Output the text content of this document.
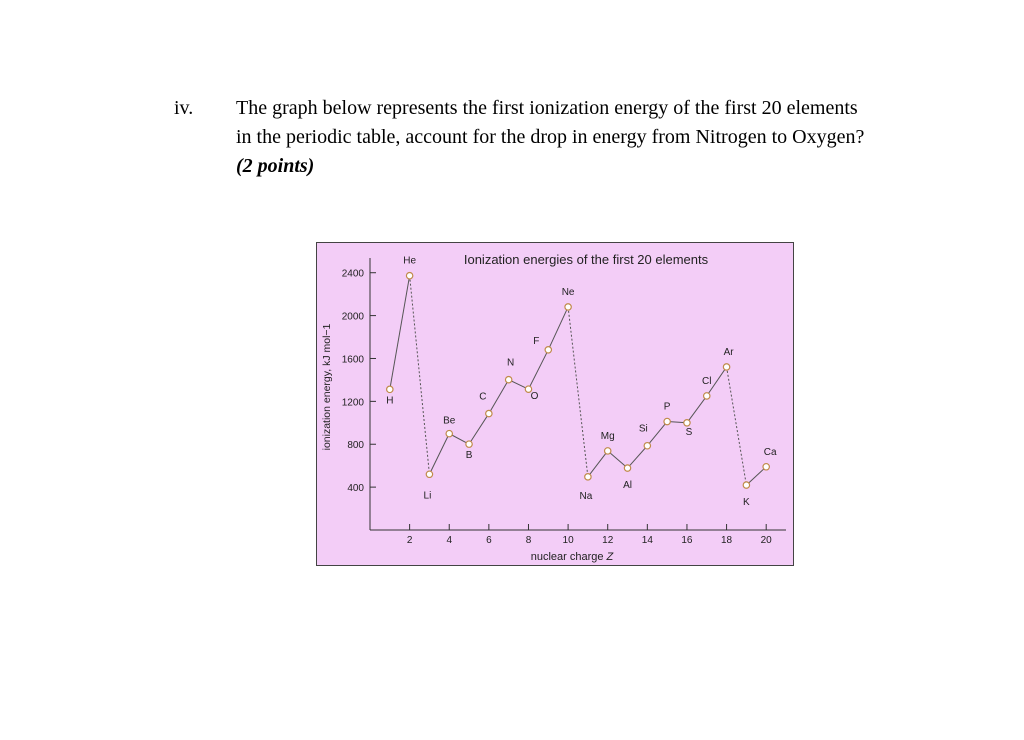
iv. The graph below represents the first ionization energy of the first 20 elements in the periodic table, account for the drop in energy from Nitrogen to Oxygen? (2 points)
Ionization energies of the first 20 elements
ionization energy, kJ mol−1
nuclear charge Z
400
800
1200
1600
2000
2400
2	4	6	8	10	12	14	16	18	20
H
He
Li
Be
B
C
N
O
F
Ne
Na
Mg
Al
Si
P
S
Cl
Ar
K
Ca
